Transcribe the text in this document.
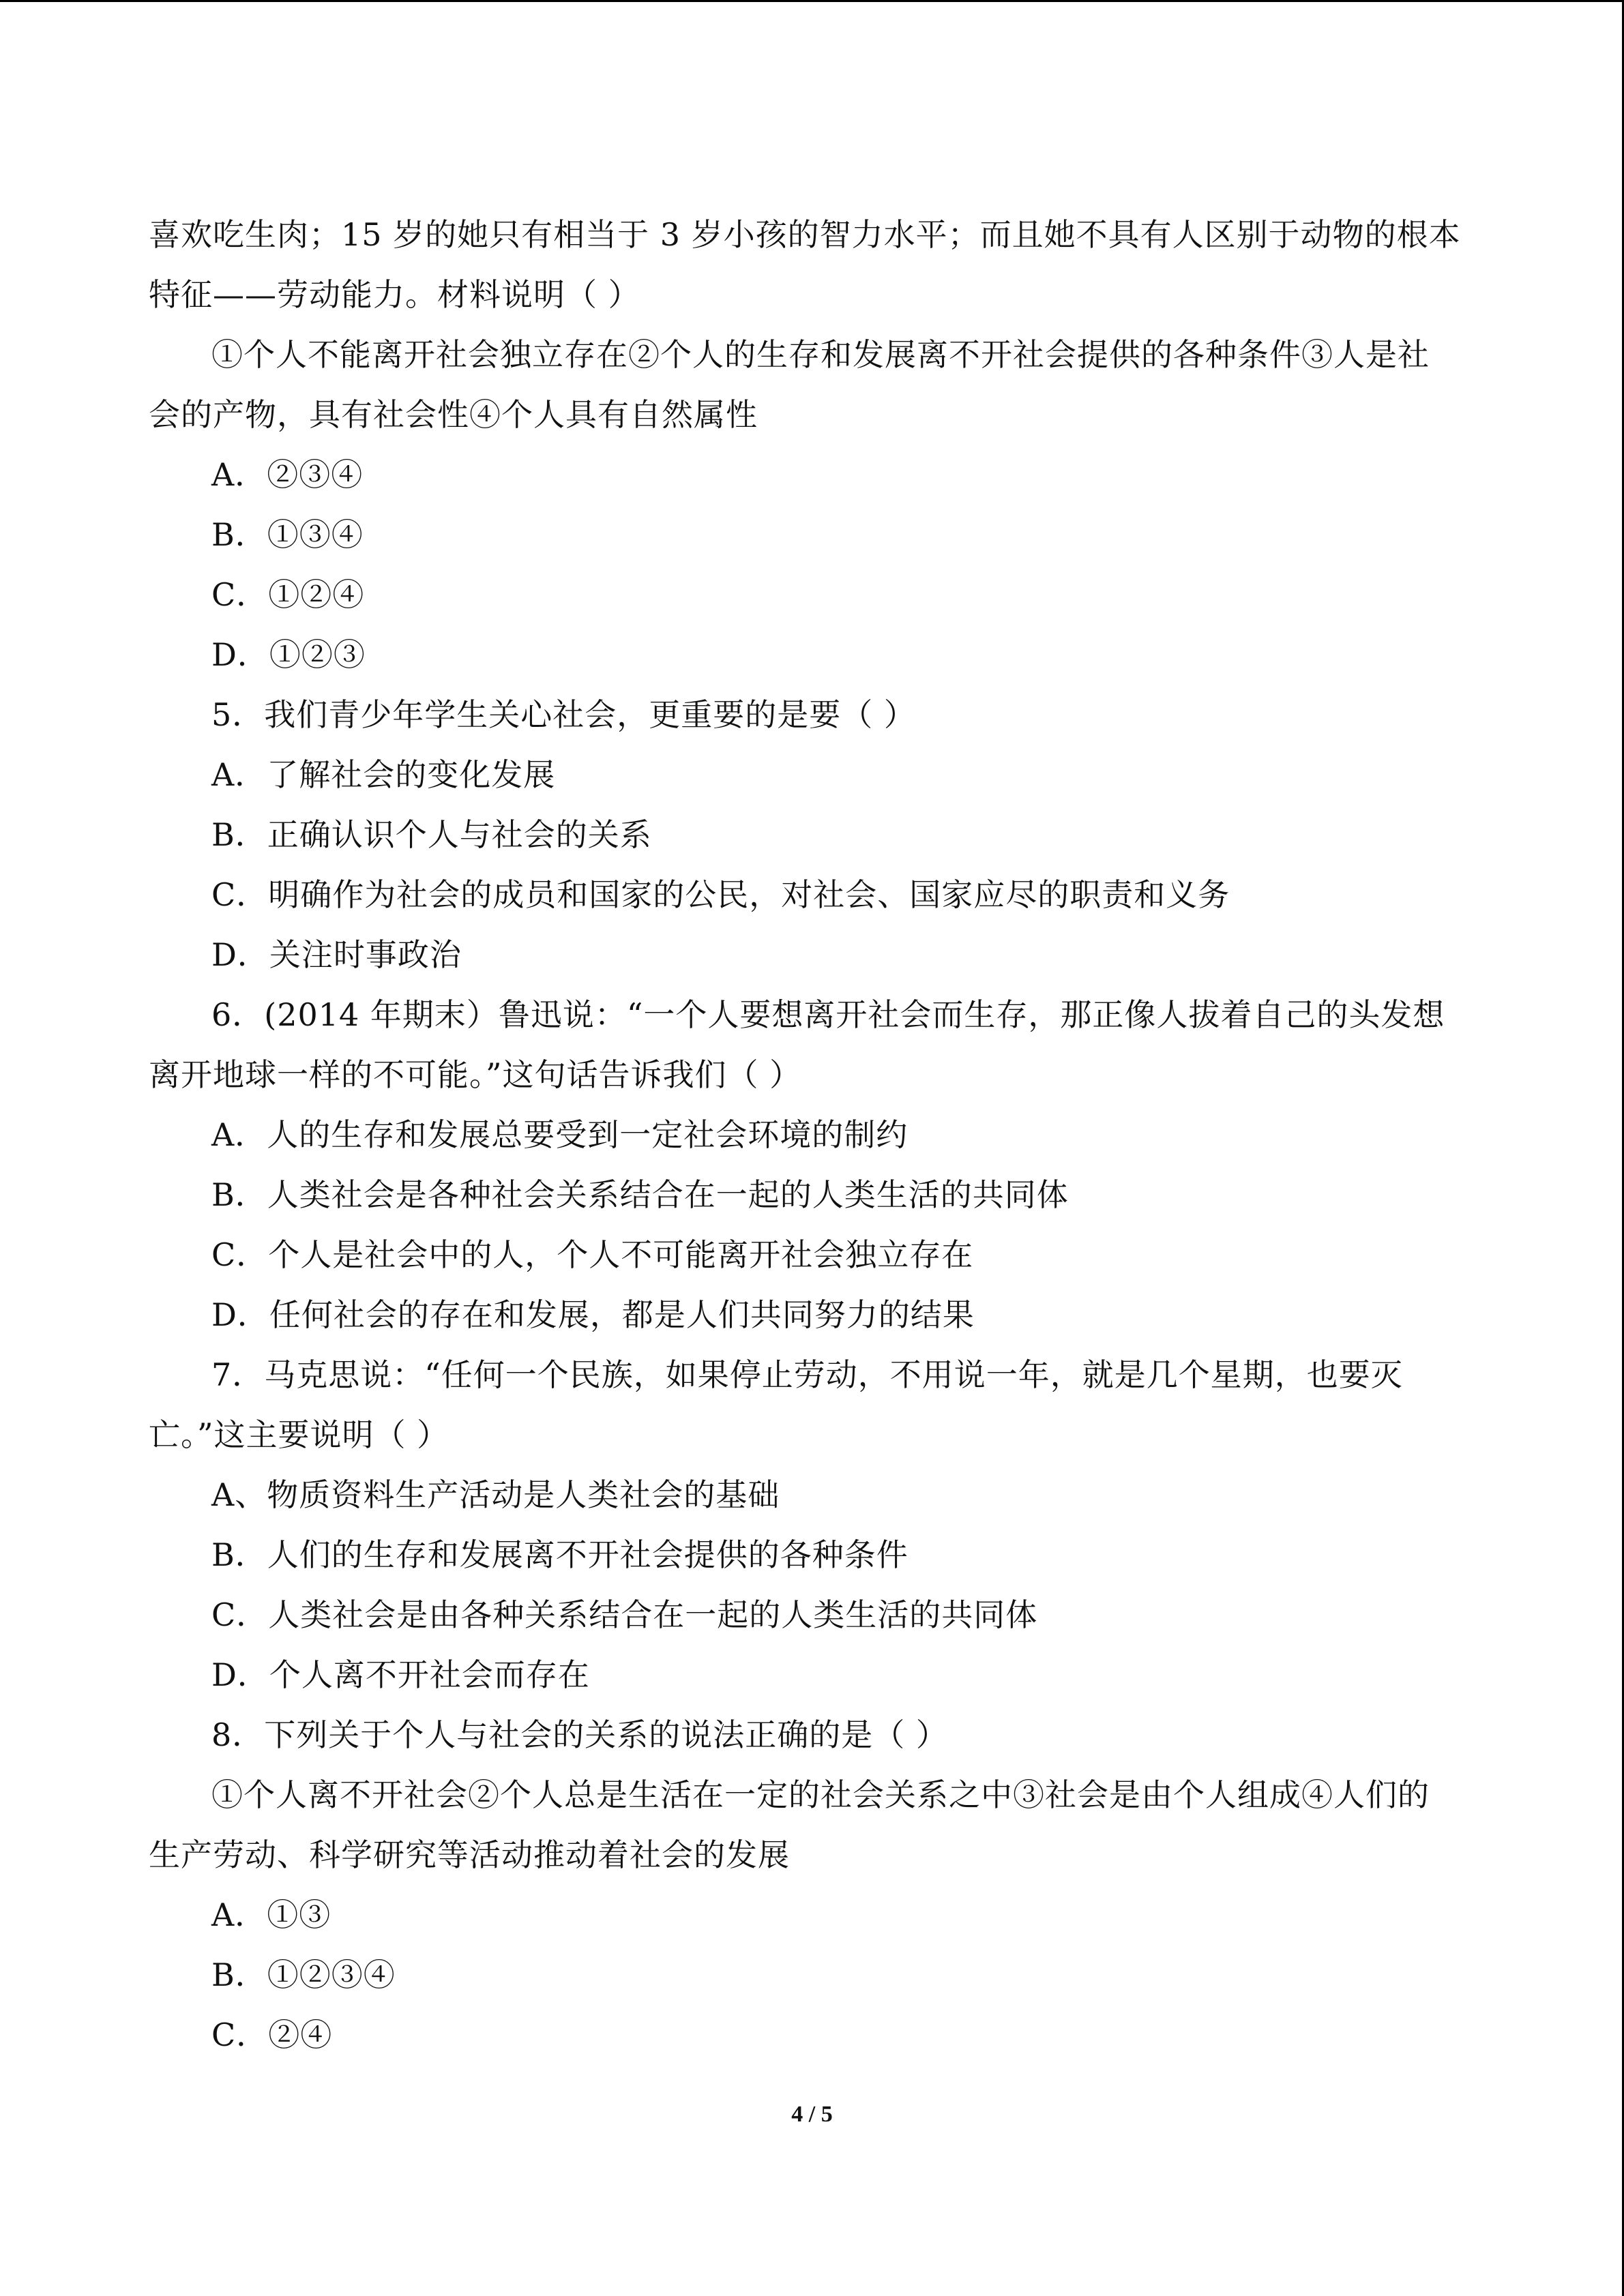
喜欢吃生肉；15 岁的她只有相当于 3 岁小孩的智力水平；而且她不具有人区别于动物的根本
特征——劳动能力。材料说明（ ）
①个人不能离开社会独立存在②个人的生存和发展离不开社会提供的各种条件③人是社
会的产物，具有社会性④个人具有自然属性
A．②③④
B．①③④
C．①②④
D．①②③
5．我们青少年学生关心社会，更重要的是要（ ）
A．了解社会的变化发展
B．正确认识个人与社会的关系
C．明确作为社会的成员和国家的公民，对社会、国家应尽的职责和义务
D．关注时事政治
6．(2014 年期末）鲁迅说：“一个人要想离开社会而生存，那正像人拔着自己的头发想
离开地球一样的不可能。”这句话告诉我们（ ）
A．人的生存和发展总要受到一定社会环境的制约
B．人类社会是各种社会关系结合在一起的人类生活的共同体
C．个人是社会中的人，个人不可能离开社会独立存在
D．任何社会的存在和发展，都是人们共同努力的结果
7．马克思说：“任何一个民族，如果停止劳动，不用说一年，就是几个星期，也要灭
亡。”这主要说明（ ）
A、物质资料生产活动是人类社会的基础
B．人们的生存和发展离不开社会提供的各种条件
C．人类社会是由各种关系结合在一起的人类生活的共同体
D．个人离不开社会而存在
8．下列关于个人与社会的关系的说法正确的是（ ）
①个人离不开社会②个人总是生活在一定的社会关系之中③社会是由个人组成④人们的
生产劳动、科学研究等活动推动着社会的发展
A．①③
B．①②③④
C．②④
4 / 5
